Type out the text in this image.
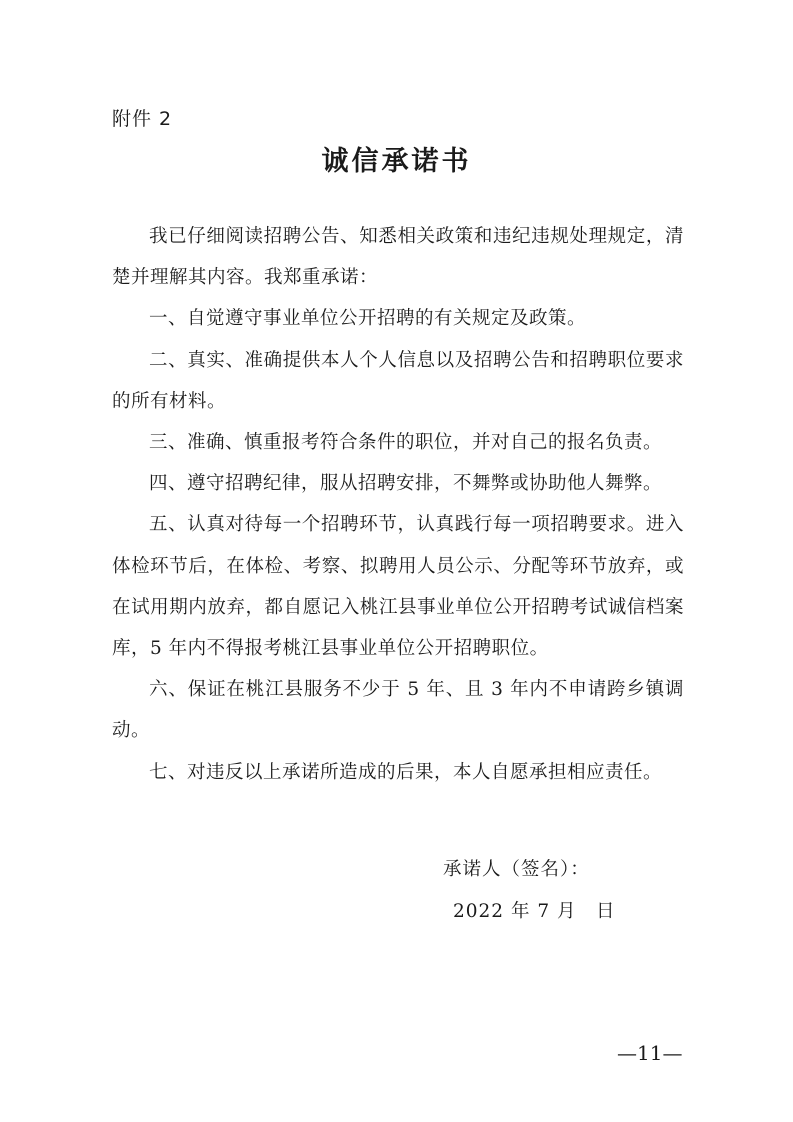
附件 2
诚信承诺书

我已仔细阅读招聘公告、知悉相关政策和违纪违规处理规定，清楚并理解其内容。我郑重承诺：

一、自觉遵守事业单位公开招聘的有关规定及政策。

二、真实、准确提供本人个人信息以及招聘公告和招聘职位要求的所有材料。

三、准确、慎重报考符合条件的职位，并对自己的报名负责。

四、遵守招聘纪律，服从招聘安排，不舞弊或协助他人舞弊。

五、认真对待每一个招聘环节，认真践行每一项招聘要求。进入体检环节后，在体检、考察、拟聘用人员公示、分配等环节放弃，或在试用期内放弃，都自愿记入桃江县事业单位公开招聘考试诚信档案库，5 年内不得报考桃江县事业单位公开招聘职位。

六、保证在桃江县服务不少于 5 年、且 3 年内不申请跨乡镇调动。

七、对违反以上承诺所造成的后果，本人自愿承担相应责任。

承诺人（签名）：
2022 年 7 月　日
—11—
